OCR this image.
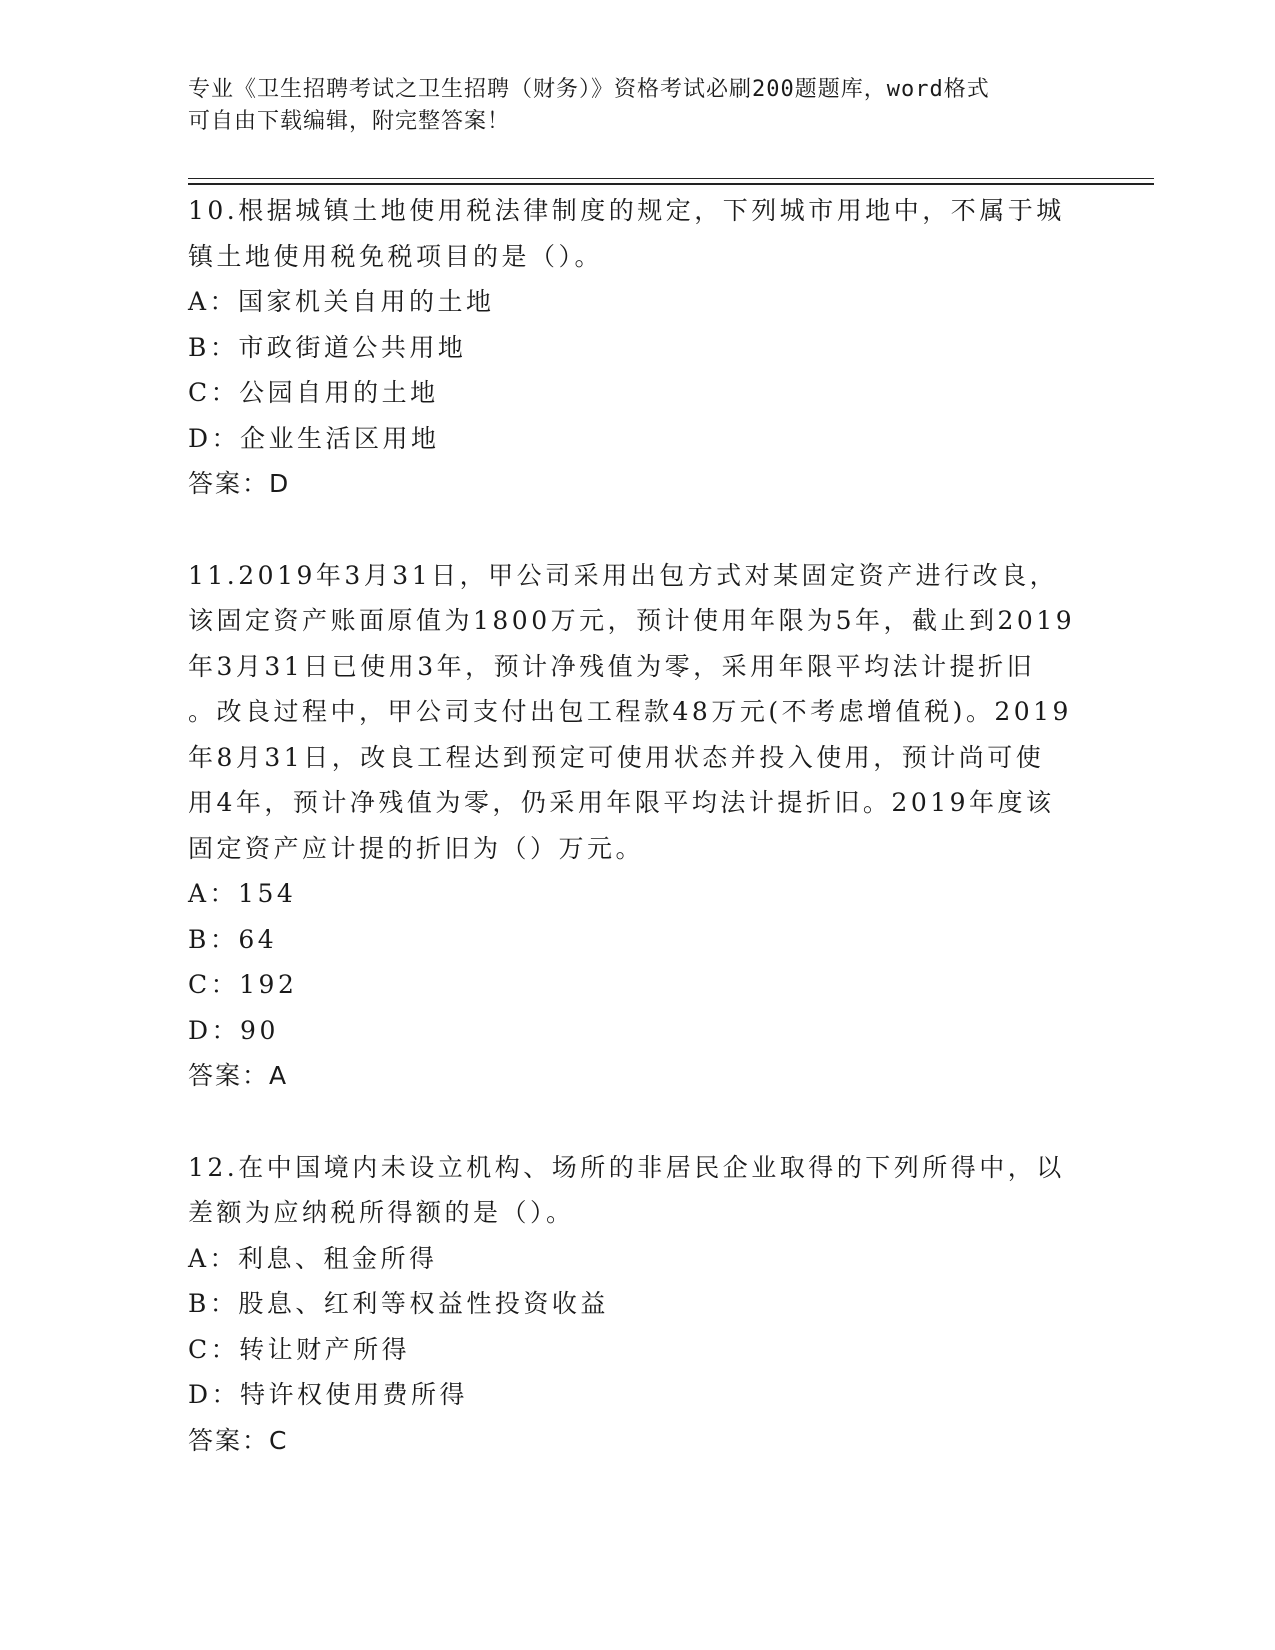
专业《卫生招聘考试之卫生招聘（财务）》资格考试必刷200题题库，word格式
可自由下载编辑，附完整答案！

10.根据城镇土地使用税法律制度的规定，下列城市用地中，不属于城

镇土地使用税免税项目的是（）。

A：国家机关自用的土地

B：市政街道公共用地

C：公园自用的土地

D：企业生活区用地

答案：D

11.2019年3月31日，甲公司采用出包方式对某固定资产进行改良，

该固定资产账面原值为1800万元，预计使用年限为5年，截止到2019

年3月31日已使用3年，预计净残值为零，采用年限平均法计提折旧

。改良过程中，甲公司支付出包工程款48万元(不考虑增值税)。2019

年8月31日，改良工程达到预定可使用状态并投入使用，预计尚可使

用4年，预计净残值为零，仍采用年限平均法计提折旧。2019年度该

固定资产应计提的折旧为（）万元。

A：154

B：64

C：192

D：90

答案：A

12.在中国境内未设立机构、场所的非居民企业取得的下列所得中，以

差额为应纳税所得额的是（）。

A：利息、租金所得

B：股息、红利等权益性投资收益

C：转让财产所得

D：特许权使用费所得

答案：C
